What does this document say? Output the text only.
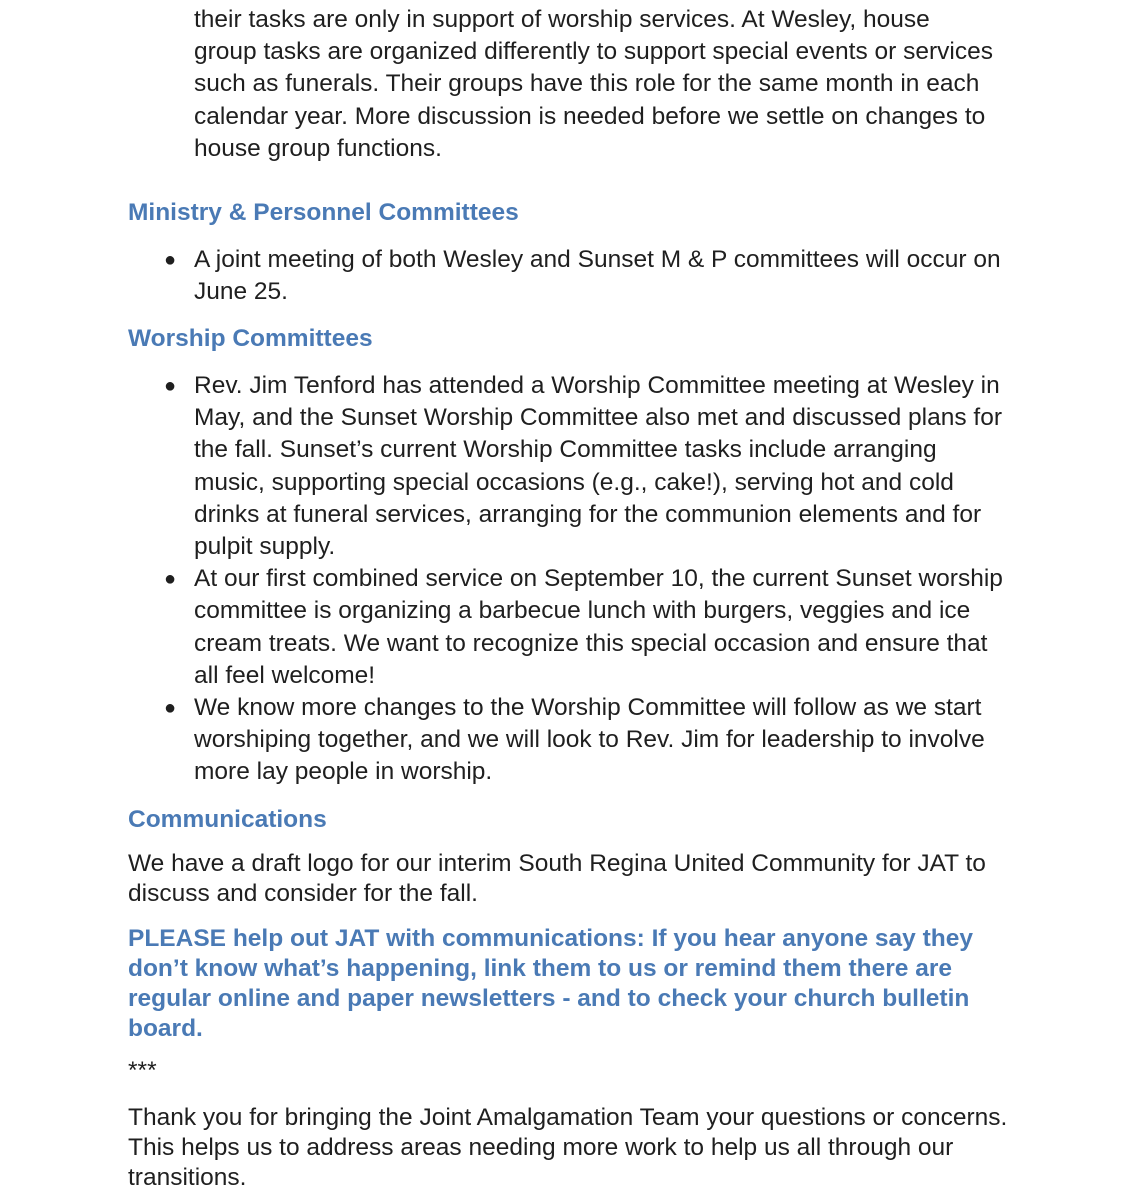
their tasks are only in support of worship services. At Wesley, house group tasks are organized differently to support special events or services such as funerals. Their groups have this role for the same month in each calendar year. More discussion is needed before we settle on changes to house group functions.

Ministry & Personnel Committees
● A joint meeting of both Wesley and Sunset M & P committees will occur on June 25.
Worship Committees
● Rev. Jim Tenford has attended a Worship Committee meeting at Wesley in May, and the Sunset Worship Committee also met and discussed plans for the fall. Sunset’s current Worship Committee tasks include arranging music, supporting special occasions (e.g., cake!), serving hot and cold drinks at funeral services, arranging for the communion elements and for pulpit supply.
● At our first combined service on September 10, the current Sunset worship committee is organizing a barbecue lunch with burgers, veggies and ice cream treats. We want to recognize this special occasion and ensure that all feel welcome!
● We know more changes to the Worship Committee will follow as we start worshiping together, and we will look to Rev. Jim for leadership to involve more lay people in worship.
Communications

We have a draft logo for our interim South Regina United Community for JAT to discuss and consider for the fall.

PLEASE help out JAT with communications: If you hear anyone say they don’t know what’s happening, link them to us or remind them there are regular online and paper newsletters - and to check your church bulletin board.

***

Thank you for bringing the Joint Amalgamation Team your questions or concerns. This helps us to address areas needing more work to help us all through our transitions.
